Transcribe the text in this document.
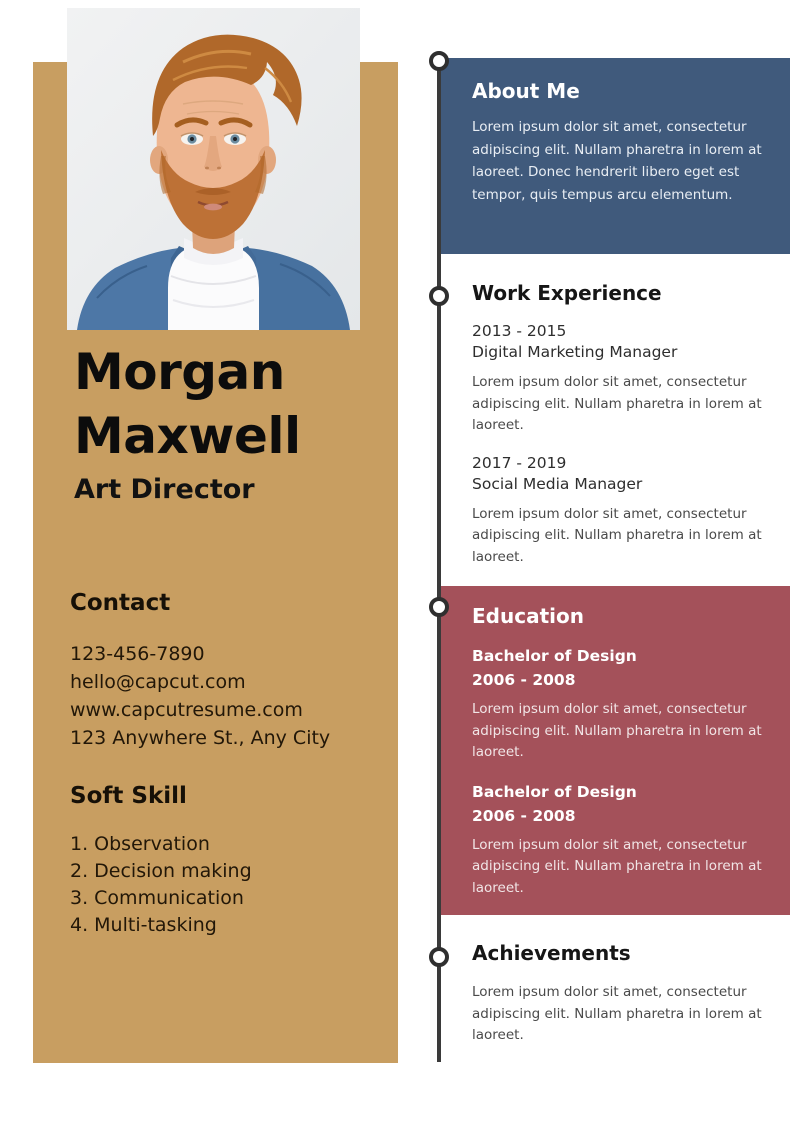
Morgan
Maxwell
Art Director
Contact
123-456-7890
hello@capcut.com
www.capcutresume.com
123 Anywhere St., Any City
Soft Skill
1. Observation
2. Decision making
3. Communication
4. Multi-tasking
About Me
Lorem ipsum dolor sit amet, consectetur adipiscing elit. Nullam pharetra in lorem at laoreet. Donec hendrerit libero eget est tempor, quis tempus arcu elementum.
Work Experience
2013 - 2015
Digital Marketing Manager
Lorem ipsum dolor sit amet, consectetur adipiscing elit. Nullam pharetra in lorem at laoreet.
2017 - 2019
Social Media Manager
Lorem ipsum dolor sit amet, consectetur adipiscing elit. Nullam pharetra in lorem at laoreet.
Education
Bachelor of Design
2006 - 2008
Lorem ipsum dolor sit amet, consectetur adipiscing elit. Nullam pharetra in lorem at laoreet.
Bachelor of Design
2006 - 2008
Lorem ipsum dolor sit amet, consectetur adipiscing elit. Nullam pharetra in lorem at laoreet.
Achievements
Lorem ipsum dolor sit amet, consectetur adipiscing elit. Nullam pharetra in lorem at laoreet.
